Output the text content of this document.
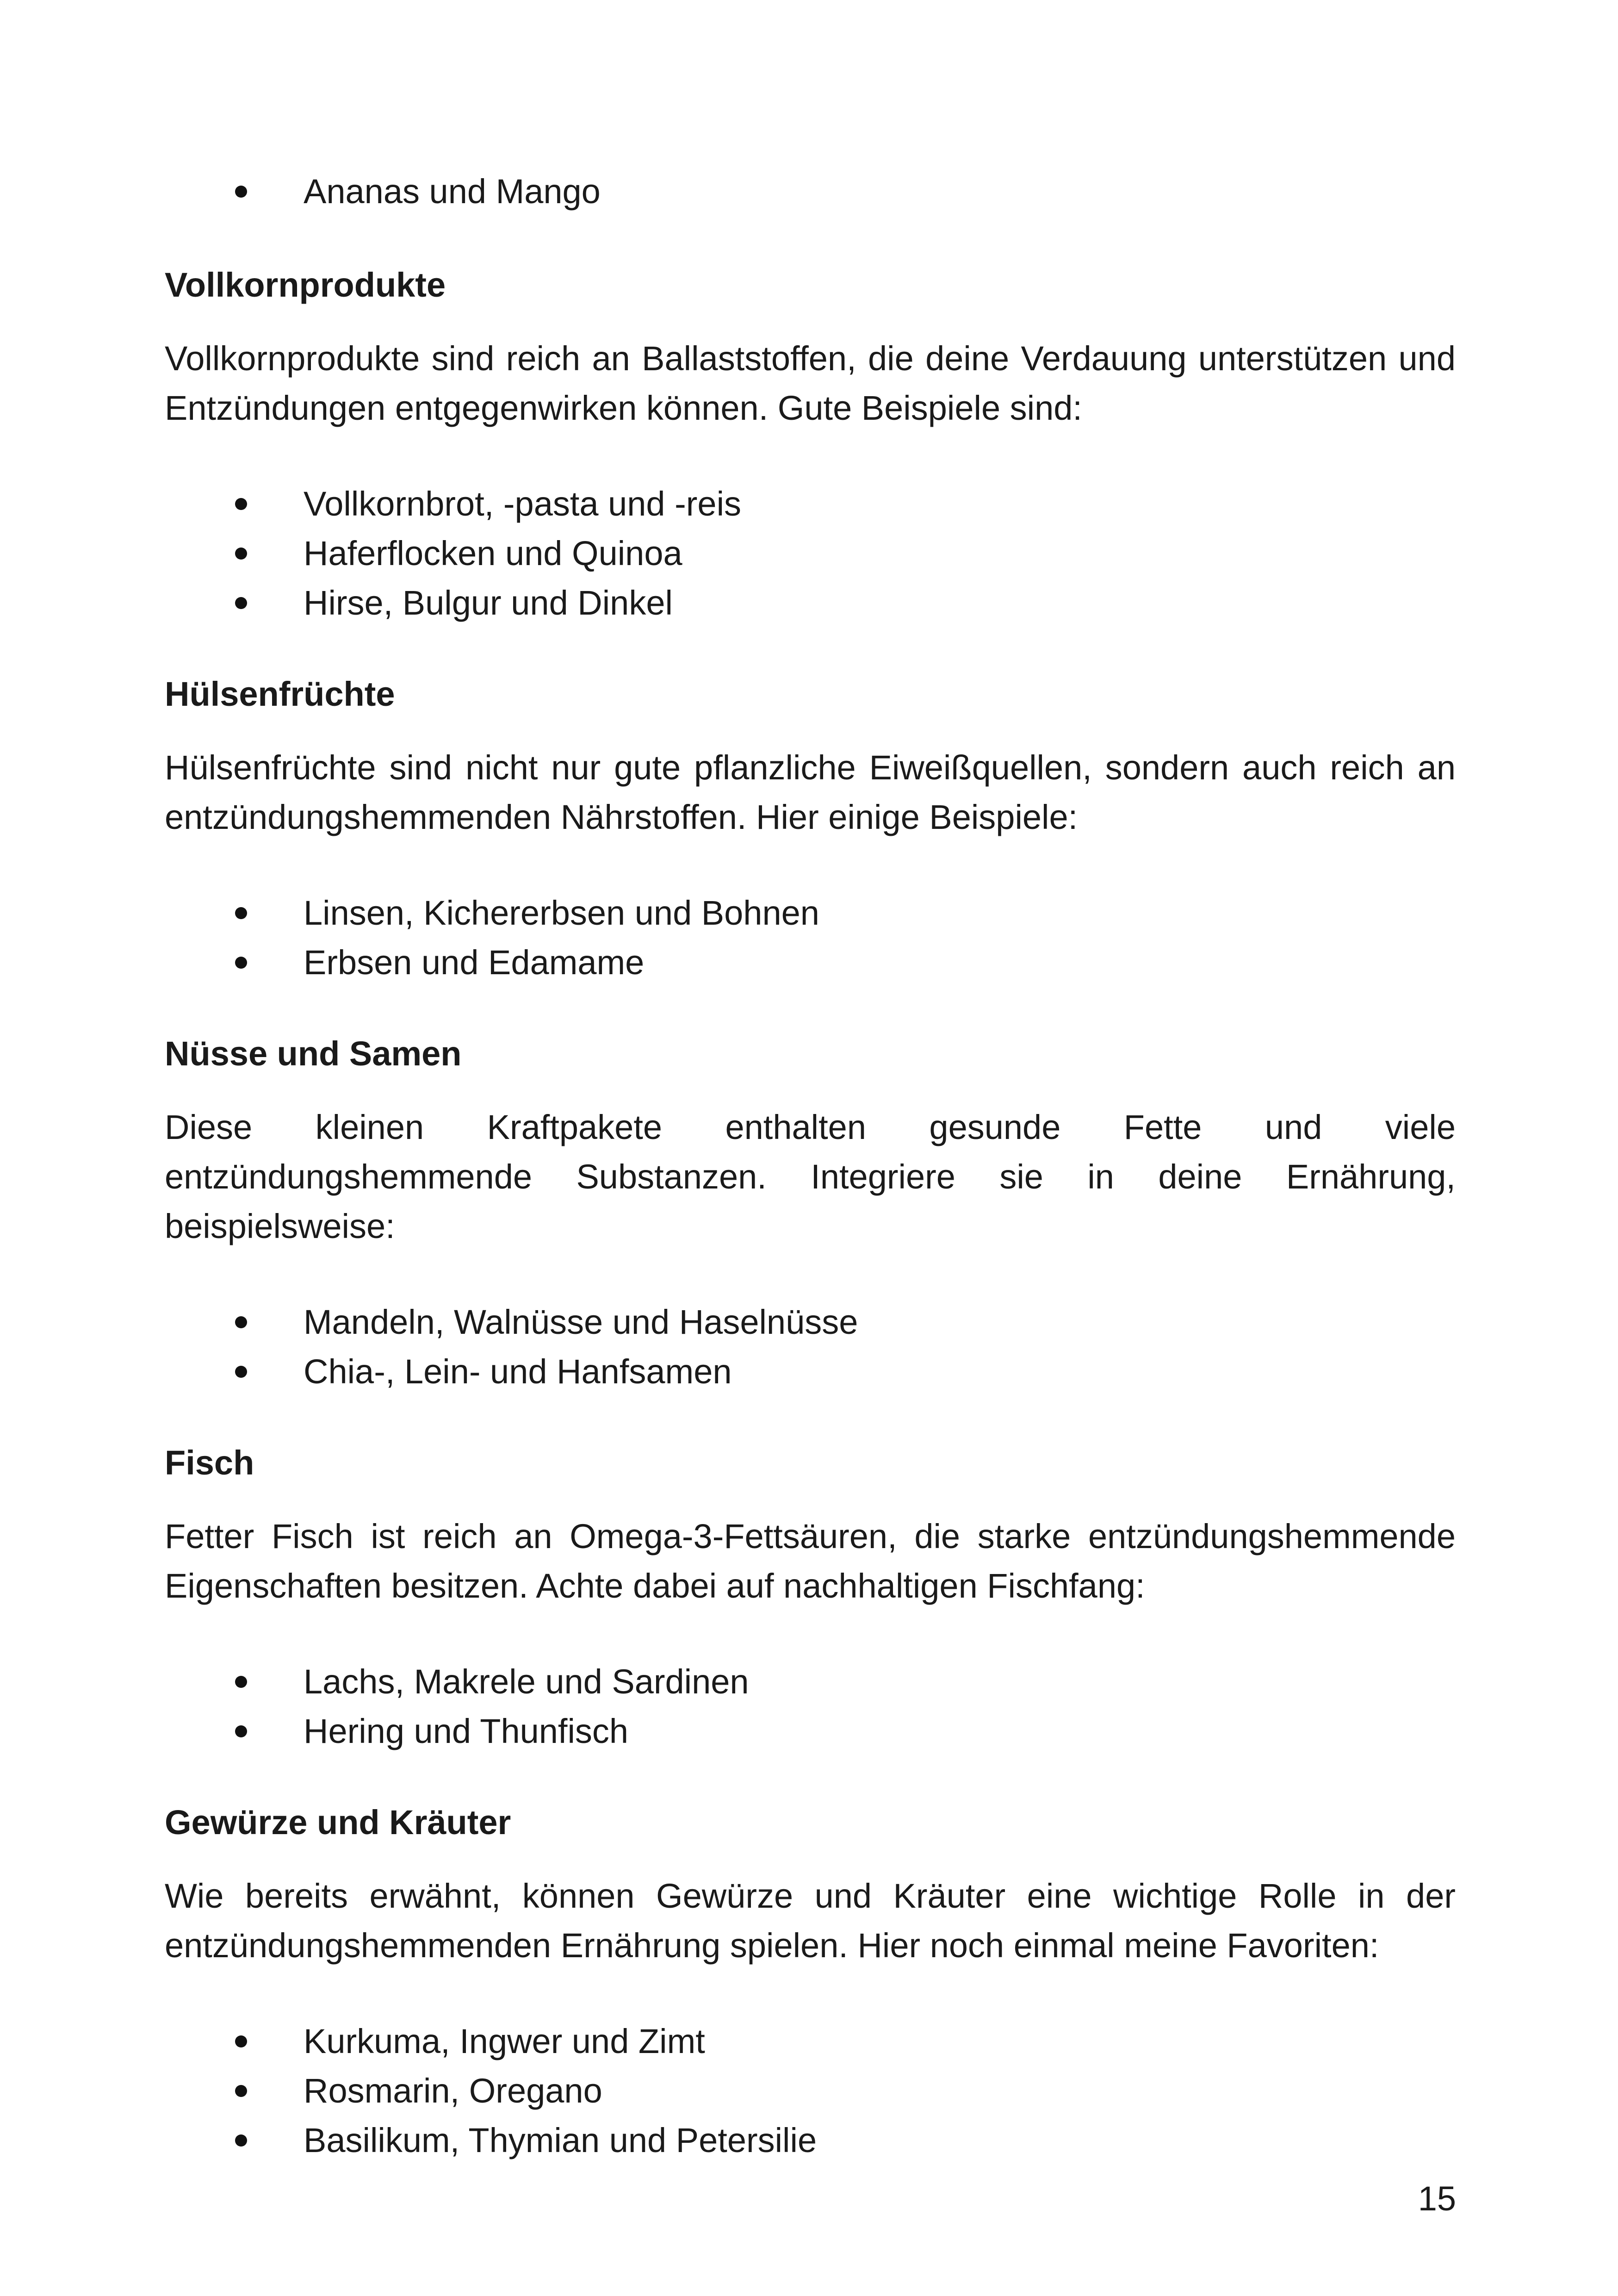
Ananas und Mango
Vollkornprodukte

Vollkornprodukte sind reich an Ballaststoffen, die deine Verdauung unterstützen und Entzündungen entgegenwirken können. Gute Beispiele sind:

Vollkornbrot, -pasta und -reis
Haferflocken und Quinoa
Hirse, Bulgur und Dinkel
Hülsenfrüchte

Hülsenfrüchte sind nicht nur gute pflanzliche Eiweißquellen, sondern auch reich an entzündungshemmenden Nährstoffen. Hier einige Beispiele:

Linsen, Kichererbsen und Bohnen
Erbsen und Edamame
Nüsse und Samen

Diese kleinen Kraftpakete enthalten gesunde Fette und viele entzündungshemmende Substanzen. Integriere sie in deine Ernährung, beispielsweise:

Mandeln, Walnüsse und Haselnüsse
Chia-, Lein- und Hanfsamen
Fisch

Fetter Fisch ist reich an Omega-3-Fettsäuren, die starke entzündungshemmende Eigenschaften besitzen. Achte dabei auf nachhaltigen Fischfang:

Lachs, Makrele und Sardinen
Hering und Thunfisch
Gewürze und Kräuter

Wie bereits erwähnt, können Gewürze und Kräuter eine wichtige Rolle in der entzündungshemmenden Ernährung spielen. Hier noch einmal meine Favoriten:

Kurkuma, Ingwer und Zimt
Rosmarin, Oregano
Basilikum, Thymian und Petersilie
15
